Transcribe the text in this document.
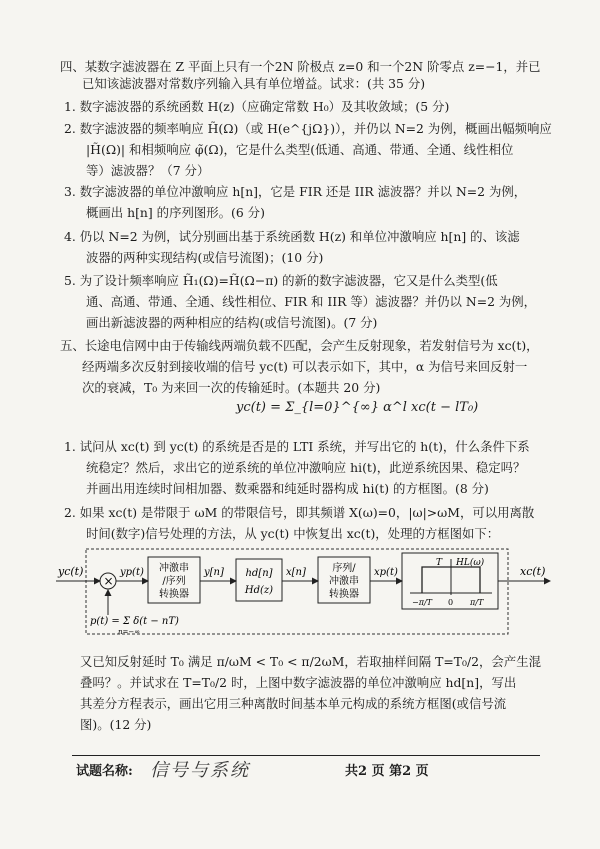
四、某数字滤波器在 Z 平面上只有一个2N 阶极点 z=0 和一个2N 阶零点 z=−1，并已
已知该滤波器对常数序列输入具有单位增益。试求：(共 35 分)
1. 数字滤波器的系统函数 H(z)（应确定常数 H₀）及其收敛域；(5 分)
2. 数字滤波器的频率响应 H̃(Ω)（或 H(e^{jΩ})），并仍以 N=2 为例，概画出幅频响应
|H̃(Ω)| 和相频响应 φ̃(Ω)，它是什么类型(低通、高通、带通、全通、线性相位
等）滤波器？（7 分）
3. 数字滤波器的单位冲激响应 h[n]，它是 FIR 还是 IIR 滤波器？并以 N=2 为例，
概画出 h[n] 的序列图形。(6 分)
4. 仍以 N=2 为例，试分别画出基于系统函数 H(z) 和单位冲激响应 h[n] 的、该滤
波器的两种实现结构(或信号流图)；(10 分)
5. 为了设计频率响应 H̃₁(Ω)=H̃(Ω−π) 的新的数字滤波器，它又是什么类型(低
通、高通、带通、全通、线性相位、FIR 和 IIR 等）滤波器？并仍以 N=2 为例，
画出新滤波器的两种相应的结构(或信号流图)。(7 分)
五、长途电信网中由于传输线两端负载不匹配，会产生反射现象，若发射信号为 xc(t)，
经两端多次反射到接收端的信号 yc(t) 可以表示如下，其中，α 为信号来回反射一
次的衰减，T₀ 为来回一次的传输延时。(本题共 20 分)
yc(t) = Σ_{l=0}^{∞} α^l xc(t − lT₀)
1. 试问从 xc(t) 到 yc(t) 的系统是否是的 LTI 系统，并写出它的 h(t)，什么条件下系
统稳定？然后，求出它的逆系统的单位冲激响应 hi(t)，此逆系统因果、稳定吗？
并画出用连续时间相加器、数乘器和纯延时器构成 hi(t) 的方框图。(8 分)
2. 如果 xc(t) 是带限于 ωM 的带限信号，即其频谱 X(ω)=0，|ω|>ωM，可以用离散
时间(数字)信号处理的方法，从 yc(t) 中恢复出 xc(t)，处理的方框图如下：
yc(t)
×
p(t) = Σ δ(t − nT)
n=−∞
yp(t) 冲激串
/序列
转换器
y[n] hd[n]
Hd(z)
x[n]	序列/
冲激串
转换器
xp(t)
T HL(ω)
−π/T 0 π/T
xc(t)
又已知反射延时 T₀ 满足 π/ωM < T₀ < π/2ωM，若取抽样间隔 T=T₀/2，会产生混
叠吗？。并试求在 T=T₀/2 时，上图中数字滤波器的单位冲激响应 hd[n]，写出
其差分方程表示，画出它用三种离散时间基本单元构成的系统方框图(或信号流
图)。(12 分)
试题名称: 信号与系统	共2 页 第2 页
